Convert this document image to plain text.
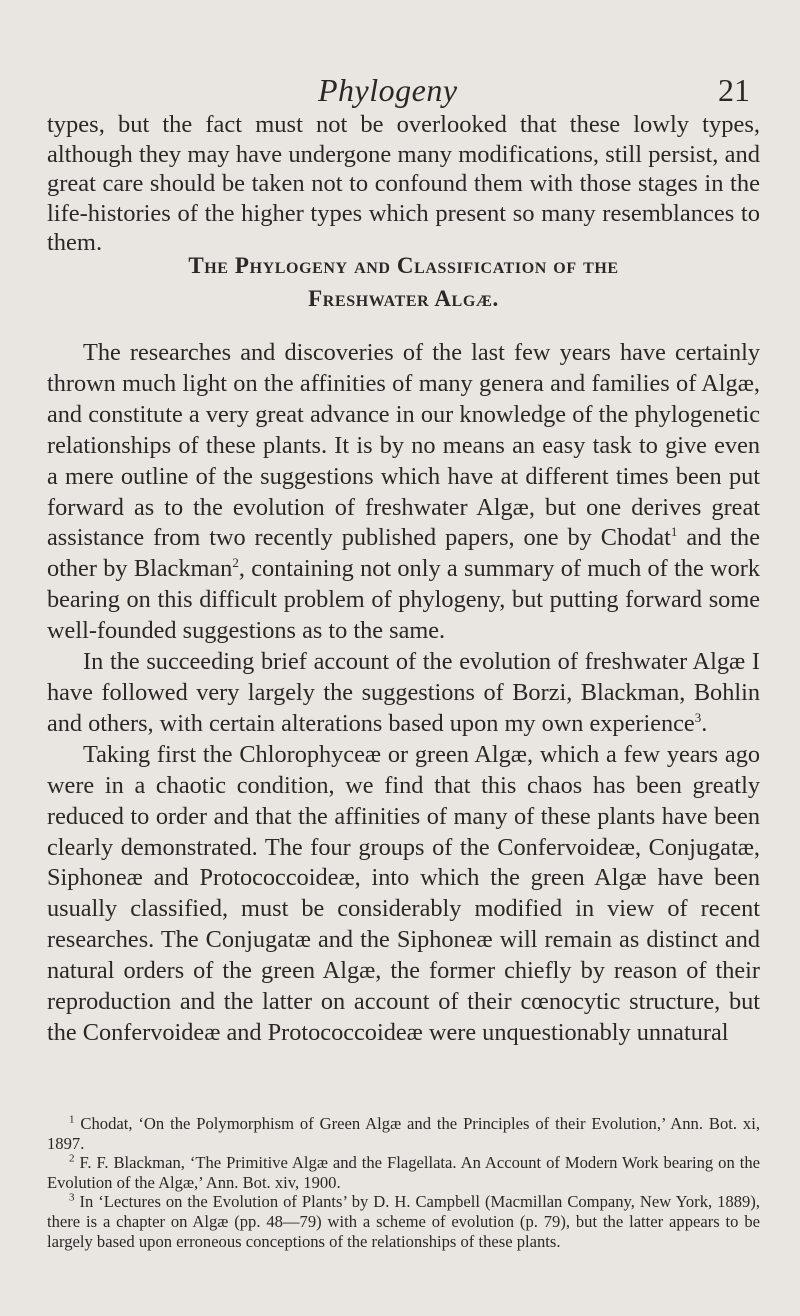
Phylogeny	21

types, but the fact must not be overlooked that these lowly types, although they may have undergone many modifications, still persist, and great care should be taken not to confound them with those stages in the life-histories of the higher types which present so many resemblances to them.

The Phylogeny and Classification of the
Freshwater Algæ.

The researches and discoveries of the last few years have certainly thrown much light on the affinities of many genera and families of Algæ, and constitute a very great advance in our knowledge of the phylogenetic relationships of these plants. It is by no means an easy task to give even a mere outline of the suggestions which have at different times been put forward as to the evolution of freshwater Algæ, but one derives great assistance from two recently published papers, one by Chodat$^1$ and the other by Blackman$^2$, containing not only a summary of much of the work bearing on this difficult problem of phylogeny, but putting forward some well-founded suggestions as to the same.

In the succeeding brief account of the evolution of freshwater Algæ I have followed very largely the suggestions of Borzi, Blackman, Bohlin and others, with certain alterations based upon my own experience$^3$.

Taking first the Chlorophyceæ or green Algæ, which a few years ago were in a chaotic condition, we find that this chaos has been greatly reduced to order and that the affinities of many of these plants have been clearly demonstrated. The four groups of the Confervoideæ, Conjugatæ, Siphoneæ and Protococcoideæ, into which the green Algæ have been usually classified, must be considerably modified in view of recent researches. The Conjugatæ and the Siphoneæ will remain as distinct and natural orders of the green Algæ, the former chiefly by reason of their reproduction and the latter on account of their cœnocytic structure, but the Confervoideæ and Protococcoideæ were unquestionably unnatural

$^1$ Chodat, ‘On the Polymorphism of Green Algæ and the Principles of their Evolution,’ Ann. Bot. xi, 1897.

$^2$ F. F. Blackman, ‘The Primitive Algæ and the Flagellata. An Account of Modern Work bearing on the Evolution of the Algæ,’ Ann. Bot. xiv, 1900.

$^3$ In ‘Lectures on the Evolution of Plants’ by D. H. Campbell (Macmillan Company, New York, 1889), there is a chapter on Algæ (pp. 48—79) with a scheme of evolution (p. 79), but the latter appears to be largely based upon erroneous conceptions of the relationships of these plants.
